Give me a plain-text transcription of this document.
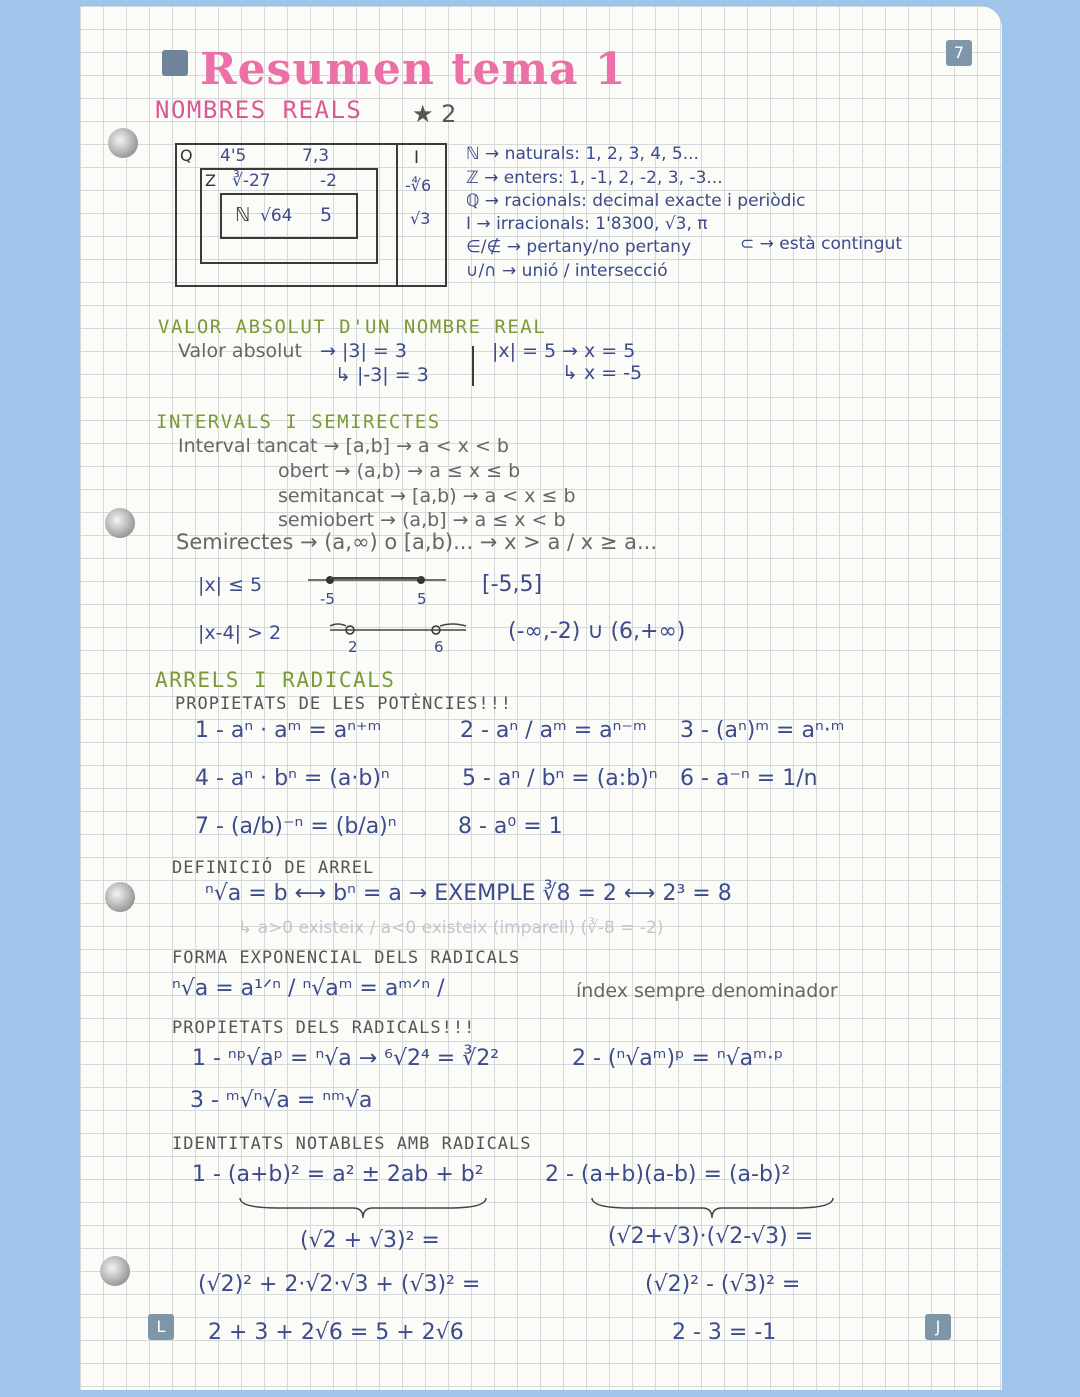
7
L	J
Resumen tema 1
NOMBRES REALS ★ 2
Q 4'5	7,3
Z ∛-27	-2
ℕ √64 5
I
-∜6
√3
ℕ → naturals: 1, 2, 3, 4, 5...
ℤ → enters: 1, -1, 2, -2, 3, -3...
ℚ → racionals: decimal exacte i periòdic
I → irracionals: 1'8300, √3, π
∈/∉ → pertany/no pertany
∪/∩ → unió / intersecció
⊂ → està contingut
VALOR ABSOLUT D'UN NOMBRE REAL
Valor absolut → |3| = 3
↳ |-3| = 3
|x| = 5 → x = 5
↳ x = -5
INTERVALS I SEMIRECTES
Interval tancat → [a,b] → a < x < b
obert → (a,b) → a ≤ x ≤ b
semitancat → [a,b) → a < x ≤ b
semiobert → (a,b] → a ≤ x < b
Semirectes → (a,∞) o [a,b)... → x > a / x ≥ a...
|x| ≤ 5
-5	5
[-5,5]
|x-4| > 2
2	6
(-∞,-2) ∪ (6,+∞)
ARRELS I RADICALS
PROPIETATS DE LES POTÈNCIES!!!
1 - aⁿ · aᵐ = aⁿ⁺ᵐ	2 - aⁿ / aᵐ = aⁿ⁻ᵐ 3 - (aⁿ)ᵐ = aⁿ·ᵐ
4 - aⁿ · bⁿ = (a·b)ⁿ	5 - aⁿ / bⁿ = (a:b)ⁿ 6 - a⁻ⁿ = 1/n
7 - (a/b)⁻ⁿ = (b/a)ⁿ	8 - a⁰ = 1
DEFINICIÓ DE ARREL
ⁿ√a = b ⟷ bⁿ = a → EXEMPLE ∛8 = 2 ⟷ 2³ = 8
↳ a>0 existeix / a<0 existeix (imparell) (∛-8 = -2)
FORMA EXPONENCIAL DELS RADICALS
ⁿ√a = a¹ᐟⁿ / ⁿ√aᵐ = aᵐᐟⁿ /	índex sempre denominador
PROPIETATS DELS RADICALS!!!
1 - ⁿᵖ√aᵖ = ⁿ√a → ⁶√2⁴ = ∛2²	2 - (ⁿ√aᵐ)ᵖ = ⁿ√aᵐ·ᵖ
3 - ᵐ√ⁿ√a = ⁿᵐ√a
IDENTITATS NOTABLES AMB RADICALS
1 - (a+b)² = a² ± 2ab + b²	2 - (a+b)(a-b) = (a-b)²
(√2 + √3)² =
(√2)² + 2·√2·√3 + (√3)² =
2 + 3 + 2√6 = 5 + 2√6
(√2+√3)·(√2-√3) =
(√2)² - (√3)² =
2 - 3 = -1
